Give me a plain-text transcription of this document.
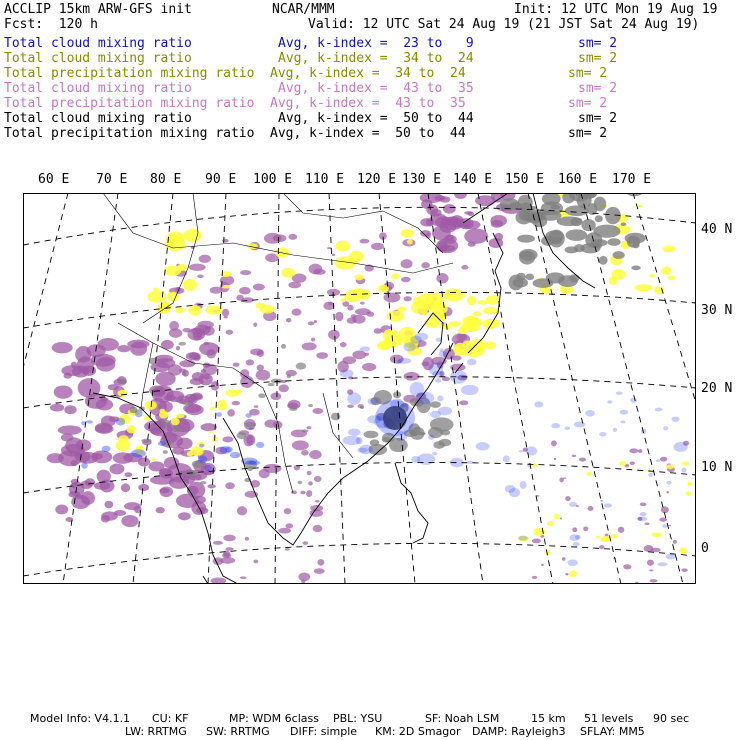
ACCLIP 15km ARW-GFS init	NCAR/MMM	Init: 12 UTC Mon 19 Aug 19
Fcst:  120 h	Valid: 12 UTC Sat 24 Aug 19 (21 JST Sat 24 Aug 19)
Total cloud mixing ratio	Avg, k-index =  23 to   9	sm= 2
Total cloud mixing ratio	Avg, k-index =  34 to  24	sm= 2
Total precipitation mixing ratio Avg, k-index =  34 to  24	sm= 2
Total cloud mixing ratio	Avg, k-index =  43 to  35	sm= 2
Total precipitation mixing ratio Avg, k-index =  43 to  35	sm= 2
Total cloud mixing ratio	Avg, k-index =  50 to  44	sm= 2
Total precipitation mixing ratio Avg, k-index =  50 to  44	sm= 2
60 E 70 E 80 E 90 E 100 E 110 E 120 E 130 E 140 E 150 E 160 E 170 E
40 N
30 N
20 N
10 N
0
Model Info: V4.1.1 CU: KF	MP: WDM 6class PBL: YSU	SF: Noah LSM	15 km 51 levels 90 sec
LW: RRTMG SW: RRTMG DIFF: simple KM: 2D Smagor DAMP: Rayleigh3 SFLAY: MM5
